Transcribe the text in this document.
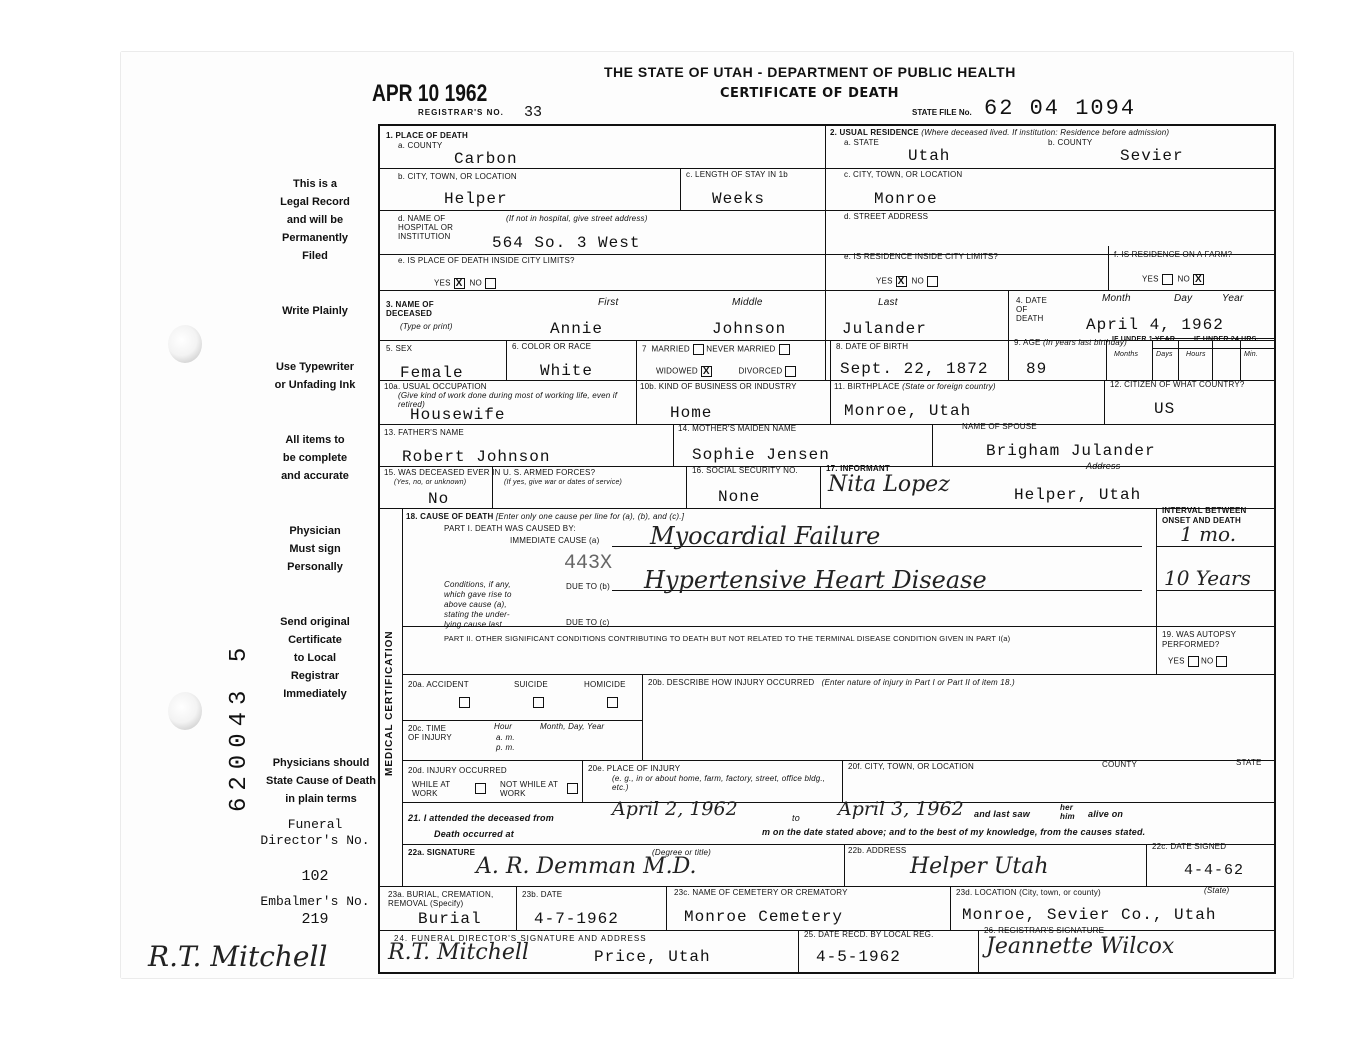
THE STATE OF UTAH - DEPARTMENT OF PUBLIC HEALTH
CERTIFICATE OF DEATH
APR 10 1962
REGISTRAR'S NO. 33	STATE FILE No. 62 04 1094
This is a
Legal Record
and will be
Permanently
Filed
Write Plainly
Use Typewriter
or Unfading Ink
All items to
be complete
and accurate
Physician
Must sign
Personally
Send original
Certificate
to Local
Registrar
Immediately
Physicians should
State Cause of Death
in plain terms
Funeral
Director's No.
102
Embalmer's No.
219
620043 5
R.T. Mitchell
1. PLACE OF DEATH
a. COUNTY
Carbon
b. CITY, TOWN, OR LOCATION
Helper
c. LENGTH OF STAY IN 1b
Weeks
d. NAME OF HOSPITAL OR INSTITUTION
(If not in hospital, give street address)
564 So. 3 West
e. IS PLACE OF DEATH INSIDE CITY LIMITS?
YES X NO
2. USUAL RESIDENCE (Where deceased lived. If institution: Residence before admission)
a. STATE	b. COUNTY
Utah	Sevier
c. CITY, TOWN, OR LOCATION
Monroe
d. STREET ADDRESS
e. IS RESIDENCE INSIDE CITY LIMITS?
YES X NO
f. IS RESIDENCE ON A FARM?
YES NO X
3. NAME OF DECEASED
(Type or print)
First	Middle	Last
Annie	Johnson	Julander
4. DATE OF DEATH
Month	Day	Year
April 4, 1962
5. SEX
Female
6. COLOR OR RACE
White
7 MARRIED NEVER MARRIED
WIDOWED X	DIVORCED
8. DATE OF BIRTH
Sept. 22, 1872
9. AGE (In years last birthday)
89
IF UNDER 1 YEAR	IF UNDER 24 HRS.
Months	Days Hours	Min.
10a. USUAL OCCUPATION
(Give kind of work done during most of working life, even if retired)
Housewife
10b. KIND OF BUSINESS OR INDUSTRY
Home
11. BIRTHPLACE (State or foreign country)
Monroe, Utah
12. CITIZEN OF WHAT COUNTRY?
US
13. FATHER'S NAME
Robert Johnson
14. MOTHER'S MAIDEN NAME
Sophie Jensen
NAME OF SPOUSE
Brigham Julander
15. WAS DECEASED EVER IN U. S. ARMED FORCES?
(Yes, no, or unknown)	(If yes, give war or dates of service)
No
16. SOCIAL SECURITY NO.
None
17. INFORMANT	Address
Nita Lopez	Helper, Utah
MEDICAL CERTIFICATION
18. CAUSE OF DEATH [Enter only one cause per line for (a), (b), and (c).]
PART I. DEATH WAS CAUSED BY:
IMMEDIATE CAUSE (a) Myocardial Failure
443X
Conditions, if any,
which gave rise to
above cause (a),
stating the under-
lying cause last.
DUE TO (b) Hypertensive Heart Disease
DUE TO (c)
INTERVAL BETWEEN
ONSET AND DEATH
1 mo.
10 Years
PART II. OTHER SIGNIFICANT CONDITIONS CONTRIBUTING TO DEATH BUT NOT RELATED TO THE TERMINAL DISEASE CONDITION GIVEN IN PART I(a)	19. WAS AUTOPSY PERFORMED?
YES NO
20a. ACCIDENT	SUICIDE	HOMICIDE	20b. DESCRIBE HOW INJURY OCCURRED (Enter nature of injury in Part I or Part II of item 18.)
20c. TIME OF INJURY
Hour
a. m.
p. m.
Month, Day, Year
20d. INJURY OCCURRED
WHILE AT WORK
NOT WHILE AT WORK
20e. PLACE OF INJURY
(e. g., in or about home, farm, factory, street, office bldg., etc.)
20f. CITY, TOWN, OR LOCATION	COUNTY	STATE
21. I attended the deceased from	April 2, 1962	to April 3, 1962 and last saw
her
him alive on
Death occurred at	m on the date stated above; and to the best of my knowledge, from the causes stated.
22a. SIGNATURE	(Degree or title)
A. R. Demman M.D.
22b. ADDRESS
Helper Utah
22c. DATE SIGNED
4-4-62
23a. BURIAL, CREMATION, REMOVAL (Specify)
Burial
23b. DATE
4-7-1962
23c. NAME OF CEMETERY OR CREMATORY
Monroe Cemetery
23d. LOCATION (City, town, or county)	(State)
Monroe, Sevier Co., Utah
24. FUNERAL DIRECTOR'S SIGNATURE AND ADDRESS
R.T. Mitchell	Price, Utah
25. DATE RECD. BY LOCAL REG.
4-5-1962
26. REGISTRAR'S SIGNATURE
Jeannette Wilcox
